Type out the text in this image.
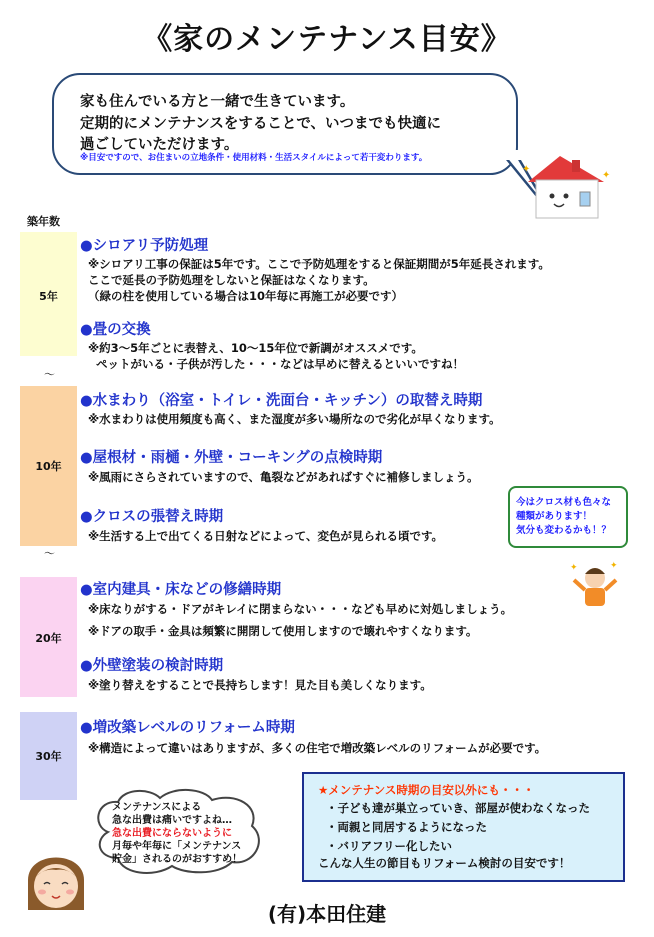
《家のメンテナンス目安》
家も住んでいる方と一緒で生きています。
定期的にメンテナンスをすることで、いつまでも快適に
過ごしていただけます。
※目安ですので、お住まいの立地条件・使用材料・生活スタイルによって若干変わります。
✦
✦
築年数
5年
～
10年
～
20年
30年
●シロアリ予防処理
※シロアリ工事の保証は5年です。ここで予防処理をすると保証期間が5年延長されます。
ここで延長の予防処理をしないと保証はなくなります。
（緑の柱を使用している場合は10年毎に再施工が必要です）
●畳の交換
※約3～5年ごとに表替え、10～15年位で新調がオススメです。
ペットがいる・子供が汚した・・・などは早めに替えるといいですね！
●水まわり（浴室・トイレ・洗面台・キッチン）の取替え時期
※水まわりは使用頻度も高く、また湿度が多い場所なので劣化が早くなります。
●屋根材・雨樋・外壁・コーキングの点検時期
※風雨にさらされていますので、亀裂などがあればすぐに補修しましょう。
●クロスの張替え時期
※生活する上で出てくる日射などによって、変色が見られる頃です。
今はクロス材も色々な
種類があります！
気分も変わるかも！？
✦	✦
●室内建具・床などの修繕時期
※床なりがする・ドアがキレイに閉まらない・・・なども早めに対処しましょう。
※ドアの取手・金具は頻繁に開閉して使用しますので壊れやすくなります。
●外壁塗装の検討時期
※塗り替えをすることで長持ちします！見た目も美しくなります。
●増改築レベルのリフォーム時期
※構造によって違いはありますが、多くの住宅で増改築レベルのリフォームが必要です。
★メンテナンス時期の目安以外にも・・・
・子ども達が巣立っていき、部屋が使わなくなった
・両親と同居するようになった
・バリアフリー化したい
こんな人生の節目もリフォーム検討の目安です！
メンテナンスによる
急な出費は痛いですよね…
急な出費にならないように
月毎や年毎に「メンテナンス
貯金」されるのがおすすめ！
(有)本田住建
